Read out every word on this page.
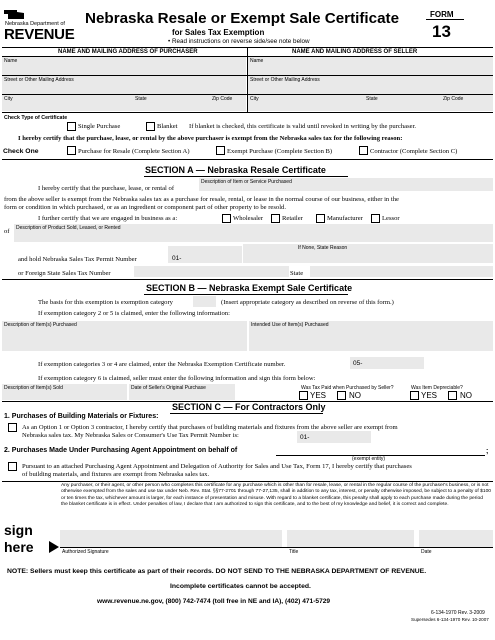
Nebraska Department of
REVENUE
Nebraska Resale or Exempt Sale Certificate
for Sales Tax Exemption
• Read instructions on reverse side/see note below
FORM
13
NAME AND MAILING ADDRESS OF PURCHASER	NAME AND MAILING ADDRESS OF SELLER
Name
Street or Other Mailing Address
City	State	Zip Code
Name
Street or Other Mailing Address
City	State	Zip Code
Check Type of Certificate
Single Purchase	Blanket If blanket is checked, this certificate is valid until revoked in writing by the purchaser.
I hereby certify that the purchase, lease, or rental by the above purchaser is exempt from the Nebraska sales tax for the following reason:
Check One	Purchase for Resale (Complete Section A)	Exempt Purchase (Complete Section B)	Contractor (Complete Section C)
SECTION A — Nebraska Resale Certificate
Description of Item or Service Purchased
I hereby certify that the purchase, lease, or rental of
from the above seller is exempt from the Nebraska sales tax as a purchase for resale, rental, or lease in the normal course of our business, either in the
form or condition in which purchased, or as an ingredient or component part of other property to be resold.
I further certify that we are engaged in business as a:	Wholesaler	Retailer	Manufacturer	Lessor
of Description of Product Sold, Leased, or Rented
and hold Nebraska Sales Tax Permit Number	01-
If None, State Reason
or Foreign State Sales Tax Number	State
SECTION B — Nebraska Exempt Sale Certificate
The basis for this exemption is exemption category	(Insert appropriate category as described on reverse of this form.)
If exemption category 2 or 5 is claimed, enter the following information:
Description of Item(s) Purchased	Intended Use of Item(s) Purchased
If exemption categories 3 or 4 are claimed, enter the Nebraska Exemption Certificate number.	05-
If exemption category 6 is claimed, seller must enter the following information and sign this form below:
Description of Item(s) Sold	Date of Seller's Original Purchase	Was Tax Paid when Purchased by Seller?
YES	NO
Was Item Depreciable?
YES	NO
SECTION C — For Contractors Only
1. Purchases of Building Materials or Fixtures:
As an Option 1 or Option 3 contractor, I hereby certify that purchases of building materials and fixtures from the above seller are exempt from
Nebraska sales tax. My Nebraska Sales or Consumer's Use Tax Permit Number is:	01-
2. Purchases Made Under Purchasing Agent Appointment on behalf of	;
(exempt entity)
Pursuant to an attached Purchasing Agent Appointment and Delegation of Authority for Sales and Use Tax, Form 17, I hereby certify that purchases
of building materials, and fixtures are exempt from Nebraska sales tax.
Any purchaser, or their agent, or other person who completes this certificate for any purchase which is other than for resale, lease, or rental in the regular course of the purchaser's business, or is not otherwise exempted from the sales and use tax under Neb. Rev. Stat. §§77-2701 through 77-27,135, shall in addition to any tax, interest, or penalty otherwise imposed, be subject to a penalty of $100 or ten times the tax, whichever amount is larger, for each instance of presentation and misuse. With regard to a blanket certificate, this penalty shall apply to each purchase made during the period the blanket certificate is in effect. Under penalties of law, I declare that I am authorized to sign this certificate, and to the best of my knowledge and belief, it is correct and complete.
sign
here	Authorized Signature	Title	Date
NOTE: Sellers must keep this certificate as part of their records. DO NOT SEND TO THE NEBRASKA DEPARTMENT OF REVENUE.
Incomplete certificates cannot be accepted.
www.revenue.ne.gov, (800) 742-7474 (toll free in NE and IA), (402) 471-5729
6-134-1970 Rev. 3-2009
Supersedes 6-134-1970 Rev. 10-2007
